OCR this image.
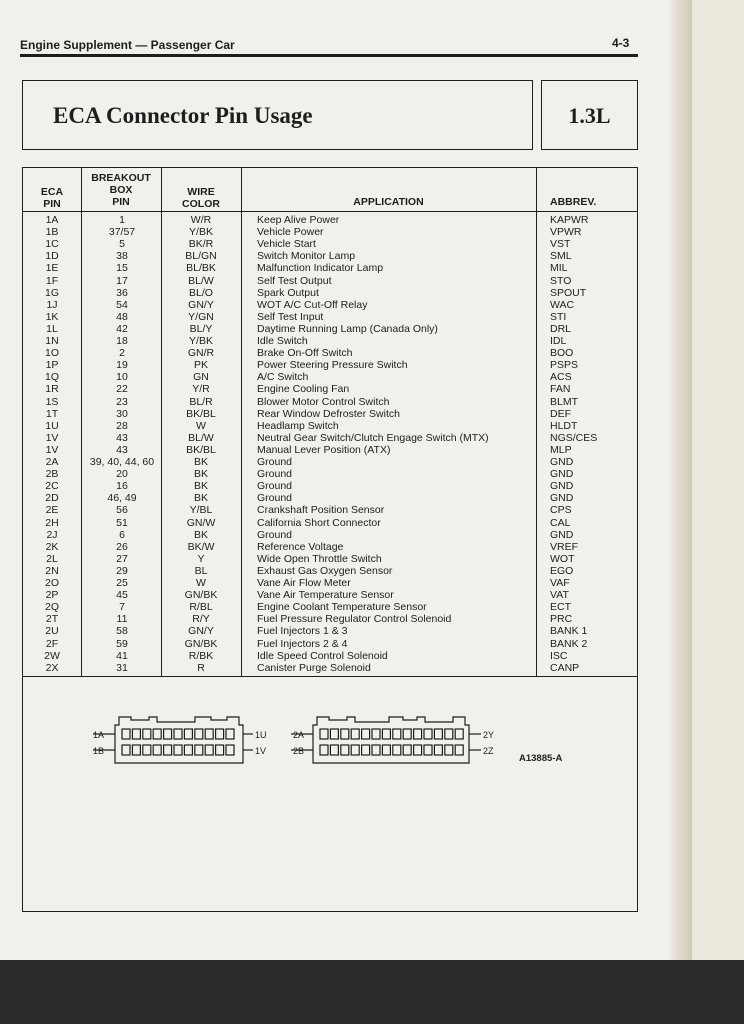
Engine Supplement — Passenger Car	4-3
ECA Connector Pin Usage	1.3L
ECA
PIN
BREAKOUT
BOX
PIN
WIRE
COLOR	APPLICATION	ABBREV.
1A	1	W/R	Keep Alive Power	KAPWR
1B	37/57	Y/BK	Vehicle Power	VPWR
1C	5	BK/R	Vehicle Start	VST
1D	38	BL/GN	Switch Monitor Lamp	SML
1E	15	BL/BK	Malfunction Indicator Lamp	MIL
1F	17	BL/W	Self Test Output	STO
1G	36	BL/O	Spark Output	SPOUT
1J	54	GN/Y	WOT A/C Cut-Off Relay	WAC
1K	48	Y/GN	Self Test Input	STI
1L	42	BL/Y	Daytime Running Lamp (Canada Only)	DRL
1N	18	Y/BK	Idle Switch	IDL
1O	2	GN/R	Brake On-Off Switch	BOO
1P	19	PK	Power Steering Pressure Switch	PSPS
1Q	10	GN	A/C Switch	ACS
1R	22	Y/R	Engine Cooling Fan	FAN
1S	23	BL/R	Blower Motor Control Switch	BLMT
1T	30	BK/BL	Rear Window Defroster Switch	DEF
1U	28	W	Headlamp Switch	HLDT
1V	43	BL/W	Neutral Gear Switch/Clutch Engage Switch (MTX)	NGS/CES
1V	43	BK/BL	Manual Lever Position (ATX)	MLP
2A	39, 40, 44, 60	BK	Ground	GND
2B	20	BK	Ground	GND
2C	16	BK	Ground	GND
2D	46, 49	BK	Ground	GND
2E	56	Y/BL	Crankshaft Position Sensor	CPS
2H	51	GN/W	California Short Connector	CAL
2J	6	BK	Ground	GND
2K	26	BK/W	Reference Voltage	VREF
2L	27	Y	Wide Open Throttle Switch	WOT
2N	29	BL	Exhaust Gas Oxygen Sensor	EGO
2O	25	W	Vane Air Flow Meter	VAF
2P	45	GN/BK	Vane Air Temperature Sensor	VAT
2Q	7	R/BL	Engine Coolant Temperature Sensor	ECT
2T	11	R/Y	Fuel Pressure Regulator Control Solenoid	PRC
2U	58	GN/Y	Fuel Injectors 1 & 3	BANK 1
2F	59	GN/BK	Fuel Injectors 2 & 4	BANK 2
2W	41	R/BK	Idle Speed Control Solenoid	ISC
2X	31	R	Canister Purge Solenoid	CANP
1A
1B
1U
1V
2A
2B
2Y
2Z
A13885-A
